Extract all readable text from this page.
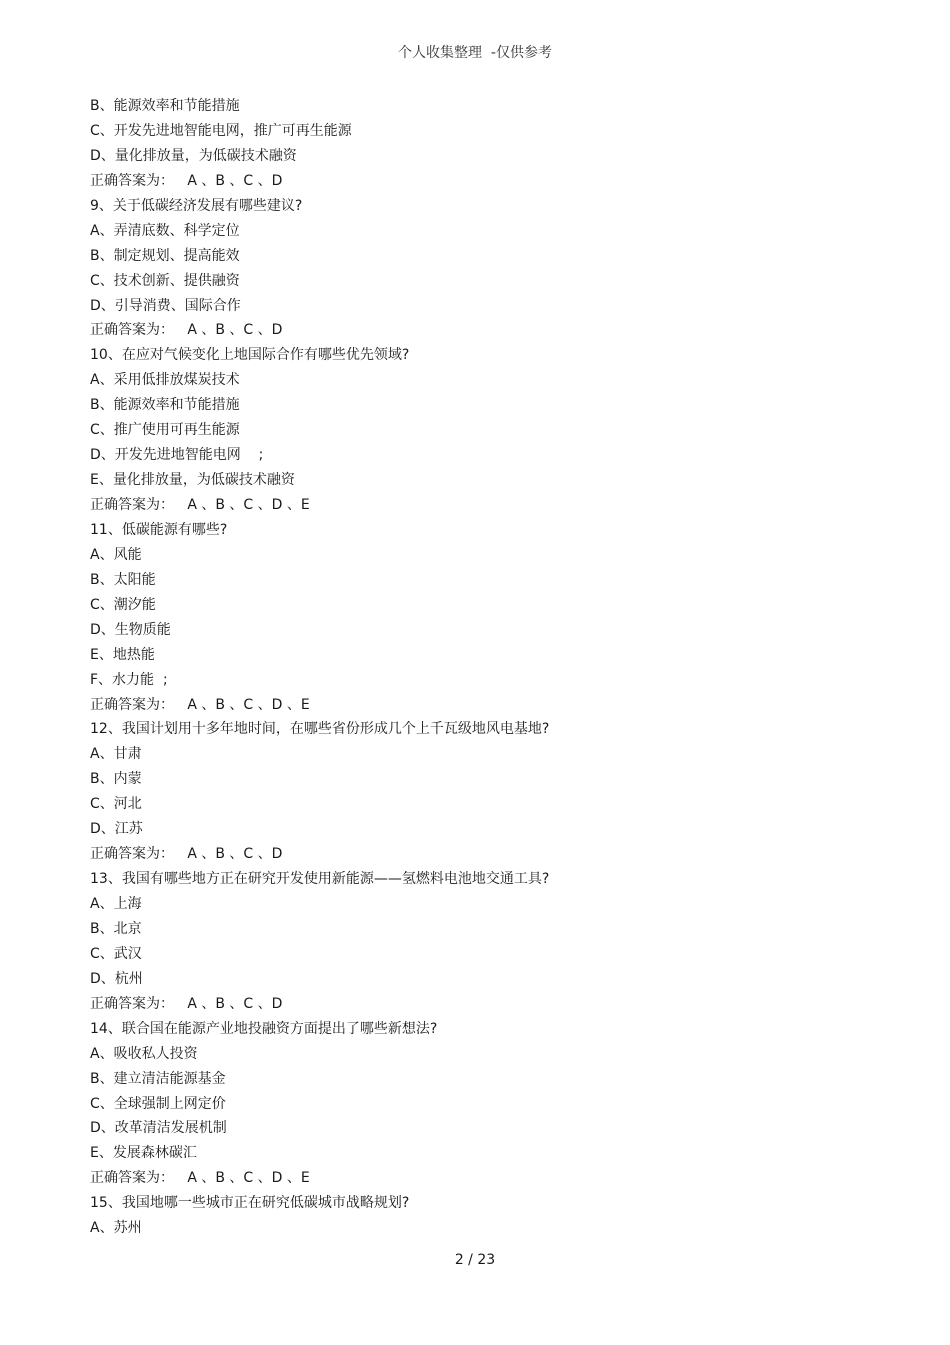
个人收集整理  -仅供参考
B、能源效率和节能措施
C、开发先进地智能电网，推广可再生能源
D、量化排放量，为低碳技术融资
正确答案为：   A 、B 、C 、D
9、关于低碳经济发展有哪些建议?
A、弄清底数、科学定位
B、制定规划、提高能效
C、技术创新、提供融资
D、引导消费、国际合作
正确答案为：   A 、B 、C 、D
10、在应对气候变化上地国际合作有哪些优先领域?
A、采用低排放煤炭技术
B、能源效率和节能措施
C、推广使用可再生能源
D、开发先进地智能电网    ;
E、量化排放量，为低碳技术融资
正确答案为：   A 、B 、C 、D 、E
11、低碳能源有哪些?
A、风能
B、太阳能
C、潮汐能
D、生物质能
E、地热能
F、水力能  ;
正确答案为：   A 、B 、C 、D 、E
12、我国计划用十多年地时间，在哪些省份形成几个上千瓦级地风电基地?
A、甘肃
B、内蒙
C、河北
D、江苏
正确答案为：   A 、B 、C 、D
13、我国有哪些地方正在研究开发使用新能源——氢燃料电池地交通工具?
A、上海
B、北京
C、武汉
D、杭州
正确答案为：   A 、B 、C 、D
14、联合国在能源产业地投融资方面提出了哪些新想法?
A、吸收私人投资
B、建立清洁能源基金
C、全球强制上网定价
D、改革清洁发展机制
E、发展森林碳汇
正确答案为：   A 、B 、C 、D 、E
15、我国地哪一些城市正在研究低碳城市战略规划?
A、苏州
2 / 23
